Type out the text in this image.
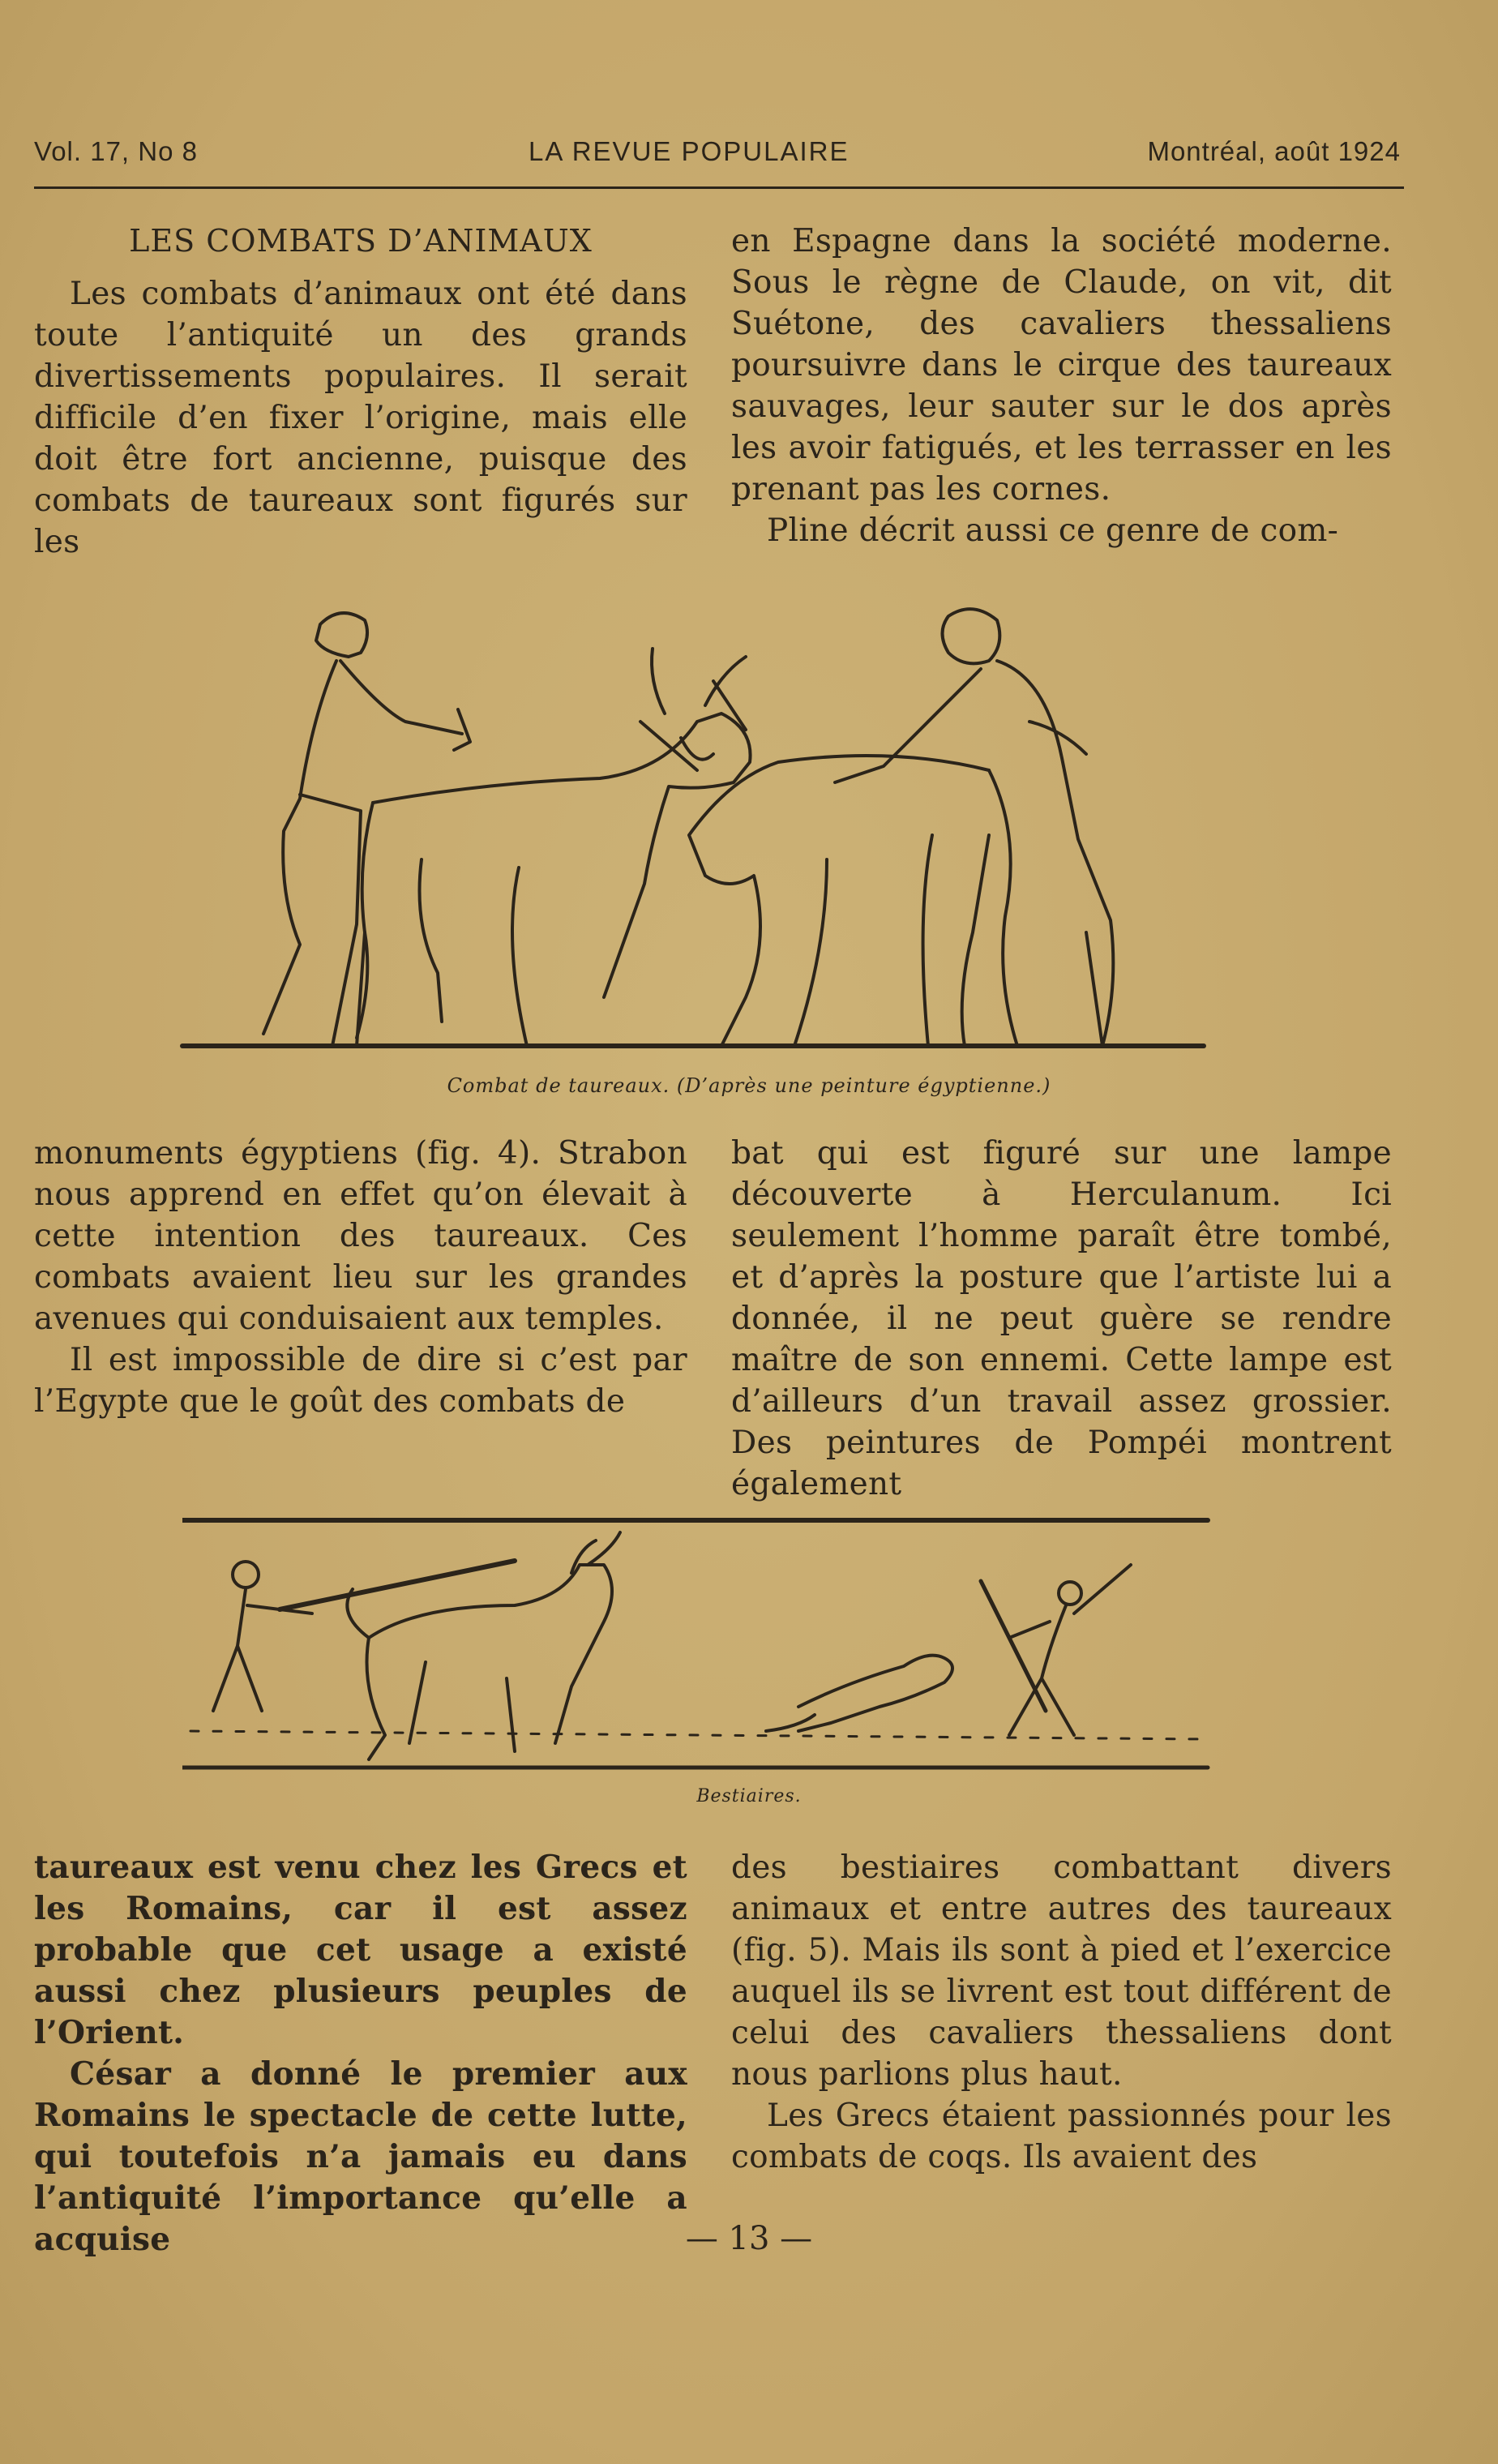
Vol. 17, No 8	LA REVUE POPULAIRE	Montréal, août 1924

LES COMBATS D’ANIMAUX

Les combats d’animaux ont été dans toute l’antiquité un des grands divertissements populaires. Il serait difficile d’en fixer l’origine, mais elle doit être fort ancienne, puisque des combats de taureaux sont figurés sur les

en Espagne dans la société moderne. Sous le règne de Claude, on vit, dit Suétone, des cavaliers thessaliens poursuivre dans le cirque des taureaux sauvages, leur sauter sur le dos après les avoir fatigués, et les terrasser en les prenant pas les cornes.

Pline décrit aussi ce genre de com-

Combat de taureaux. (D’après une peinture égyptienne.)

monuments égyptiens (fig. 4). Strabon nous apprend en effet qu’on élevait à cette intention des taureaux. Ces combats avaient lieu sur les grandes avenues qui conduisaient aux temples.

Il est impossible de dire si c’est par l’Egypte que le goût des combats de

bat qui est figuré sur une lampe découverte à Herculanum. Ici seulement l’homme paraît être tombé, et d’après la posture que l’artiste lui a donnée, il ne peut guère se rendre maître de son ennemi. Cette lampe est d’ailleurs d’un travail assez grossier. Des peintures de Pompéi montrent également

Bestiaires.

taureaux est venu chez les Grecs et les Romains, car il est assez probable que cet usage a existé aussi chez plusieurs peuples de l’Orient.

César a donné le premier aux Romains le spectacle de cette lutte, qui toutefois n’a jamais eu dans l’antiquité l’importance qu’elle a acquise

des bestiaires combattant divers animaux et entre autres des taureaux (fig. 5). Mais ils sont à pied et l’exercice auquel ils se livrent est tout différent de celui des cavaliers thessaliens dont nous parlions plus haut.

Les Grecs étaient passionnés pour les combats de coqs. Ils avaient des

— 13 —
